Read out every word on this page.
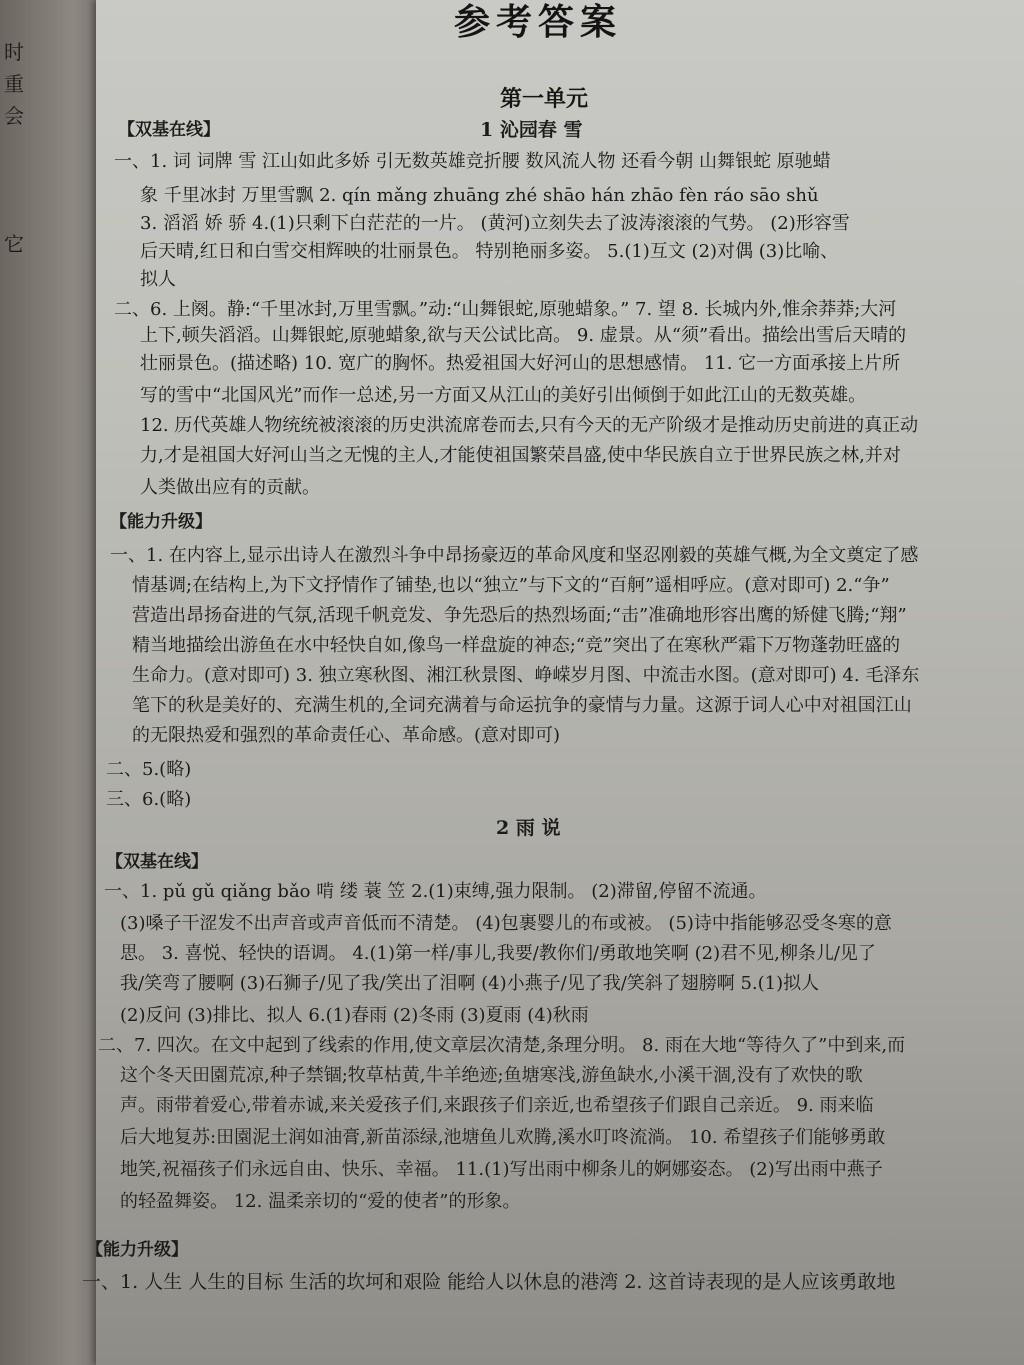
时
重
会
它
参考答案
第一单元
1 沁园春 雪
【双基在线】
一、1. 词 词牌 雪 江山如此多娇 引无数英雄竞折腰 数风流人物 还看今朝 山舞银蛇 原驰蜡
象 千里冰封 万里雪飘 2. qín mǎng zhuāng zhé shāo hán zhāo fèn ráo sāo shǔ
3. 滔滔 娇 骄 4.(1)只剩下白茫茫的一片。 (黄河)立刻失去了波涛滚滚的气势。 (2)形容雪
后天晴,红日和白雪交相辉映的壮丽景色。 特别艳丽多姿。 5.(1)互文 (2)对偶 (3)比喻、
拟人
二、6. 上阕。静:“千里冰封,万里雪飘。”动:“山舞银蛇,原驰蜡象。” 7. 望 8. 长城内外,惟余莽莽;大河
上下,顿失滔滔。山舞银蛇,原驰蜡象,欲与天公试比高。 9. 虚景。从“须”看出。描绘出雪后天晴的
壮丽景色。(描述略) 10. 宽广的胸怀。热爱祖国大好河山的思想感情。 11. 它一方面承接上片所
写的雪中“北国风光”而作一总述,另一方面又从江山的美好引出倾倒于如此江山的无数英雄。
12. 历代英雄人物统统被滚滚的历史洪流席卷而去,只有今天的无产阶级才是推动历史前进的真正动
力,才是祖国大好河山当之无愧的主人,才能使祖国繁荣昌盛,使中华民族自立于世界民族之林,并对
人类做出应有的贡献。
【能力升级】
一、1. 在内容上,显示出诗人在激烈斗争中昂扬豪迈的革命风度和坚忍刚毅的英雄气概,为全文奠定了感
情基调;在结构上,为下文抒情作了铺垫,也以“独立”与下文的“百舸”遥相呼应。(意对即可) 2.“争”
营造出昂扬奋进的气氛,活现千帆竞发、争先恐后的热烈场面;“击”准确地形容出鹰的矫健飞腾;“翔”
精当地描绘出游鱼在水中轻快自如,像鸟一样盘旋的神态;“竞”突出了在寒秋严霜下万物蓬勃旺盛的
生命力。(意对即可) 3. 独立寒秋图、湘江秋景图、峥嵘岁月图、中流击水图。(意对即可) 4. 毛泽东
笔下的秋是美好的、充满生机的,全词充满着与命运抗争的豪情与力量。这源于词人心中对祖国江山
的无限热爱和强烈的革命责任心、革命感。(意对即可)
二、5.(略)
三、6.(略)
2 雨 说
【双基在线】
一、1. pǔ gǔ qiǎng bǎo 啃 缕 蓑 笠 2.(1)束缚,强力限制。 (2)滞留,停留不流通。
(3)嗓子干涩发不出声音或声音低而不清楚。 (4)包裹婴儿的布或被。 (5)诗中指能够忍受冬寒的意
思。 3. 喜悦、轻快的语调。 4.(1)第一样/事儿,我要/教你们/勇敢地笑啊 (2)君不见,柳条儿/见了
我/笑弯了腰啊 (3)石狮子/见了我/笑出了泪啊 (4)小燕子/见了我/笑斜了翅膀啊 5.(1)拟人
(2)反问 (3)排比、拟人 6.(1)春雨 (2)冬雨 (3)夏雨 (4)秋雨
二、7. 四次。在文中起到了线索的作用,使文章层次清楚,条理分明。 8. 雨在大地“等待久了”中到来,而
这个冬天田園荒凉,种子禁锢;牧草枯黄,牛羊绝迹;鱼塘寒浅,游鱼缺水,小溪干涸,没有了欢快的歌
声。雨带着爱心,带着赤诚,来关爱孩子们,来跟孩子们亲近,也希望孩子们跟自己亲近。 9. 雨来临
后大地复苏:田園泥土润如油膏,新苗添绿,池塘鱼儿欢腾,溪水叮咚流淌。 10. 希望孩子们能够勇敢
地笑,祝福孩子们永远自由、快乐、幸福。 11.(1)写出雨中柳条儿的婀娜姿态。 (2)写出雨中燕子
的轻盈舞姿。 12. 温柔亲切的“爱的使者”的形象。
【能力升级】
一、1. 人生 人生的目标 生活的坎坷和艰险 能给人以休息的港湾 2. 这首诗表现的是人应该勇敢地
